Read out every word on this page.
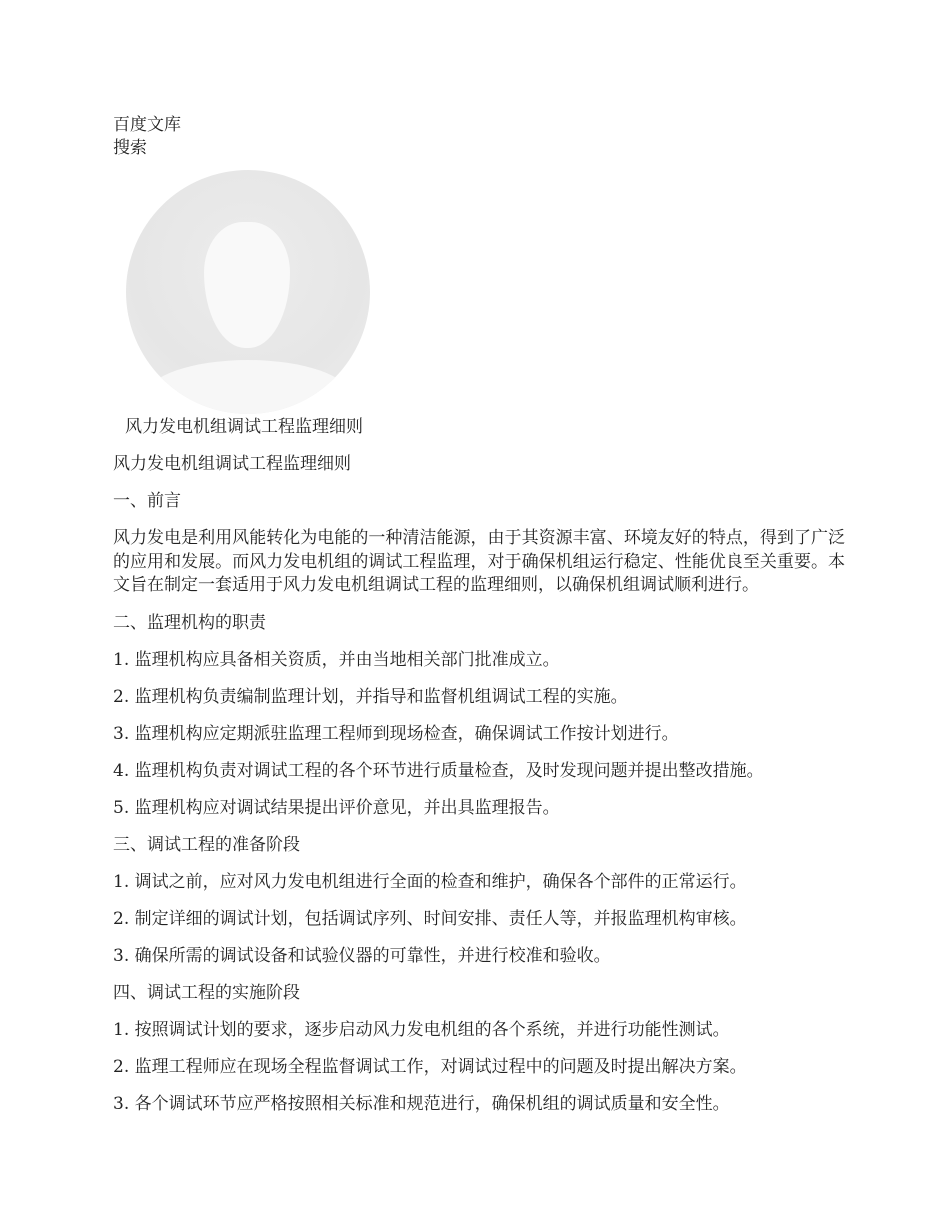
百度文库

搜索

风力发电机组调试工程监理细则

风力发电机组调试工程监理细则

一、前言

风力发电是利用风能转化为电能的一种清洁能源，由于其资源丰富、环境友好的特点，得到了广泛的应用和发展。而风力发电机组的调试工程监理，对于确保机组运行稳定、性能优良至关重要。本文旨在制定一套适用于风力发电机组调试工程的监理细则，以确保机组调试顺利进行。

二、监理机构的职责

1. 监理机构应具备相关资质，并由当地相关部门批准成立。

2. 监理机构负责编制监理计划，并指导和监督机组调试工程的实施。

3. 监理机构应定期派驻监理工程师到现场检查，确保调试工作按计划进行。

4. 监理机构负责对调试工程的各个环节进行质量检查，及时发现问题并提出整改措施。

5. 监理机构应对调试结果提出评价意见，并出具监理报告。

三、调试工程的准备阶段

1. 调试之前，应对风力发电机组进行全面的检查和维护，确保各个部件的正常运行。

2. 制定详细的调试计划，包括调试序列、时间安排、责任人等，并报监理机构审核。

3. 确保所需的调试设备和试验仪器的可靠性，并进行校准和验收。

四、调试工程的实施阶段

1. 按照调试计划的要求，逐步启动风力发电机组的各个系统，并进行功能性测试。

2. 监理工程师应在现场全程监督调试工作，对调试过程中的问题及时提出解决方案。

3. 各个调试环节应严格按照相关标准和规范进行，确保机组的调试质量和安全性。
